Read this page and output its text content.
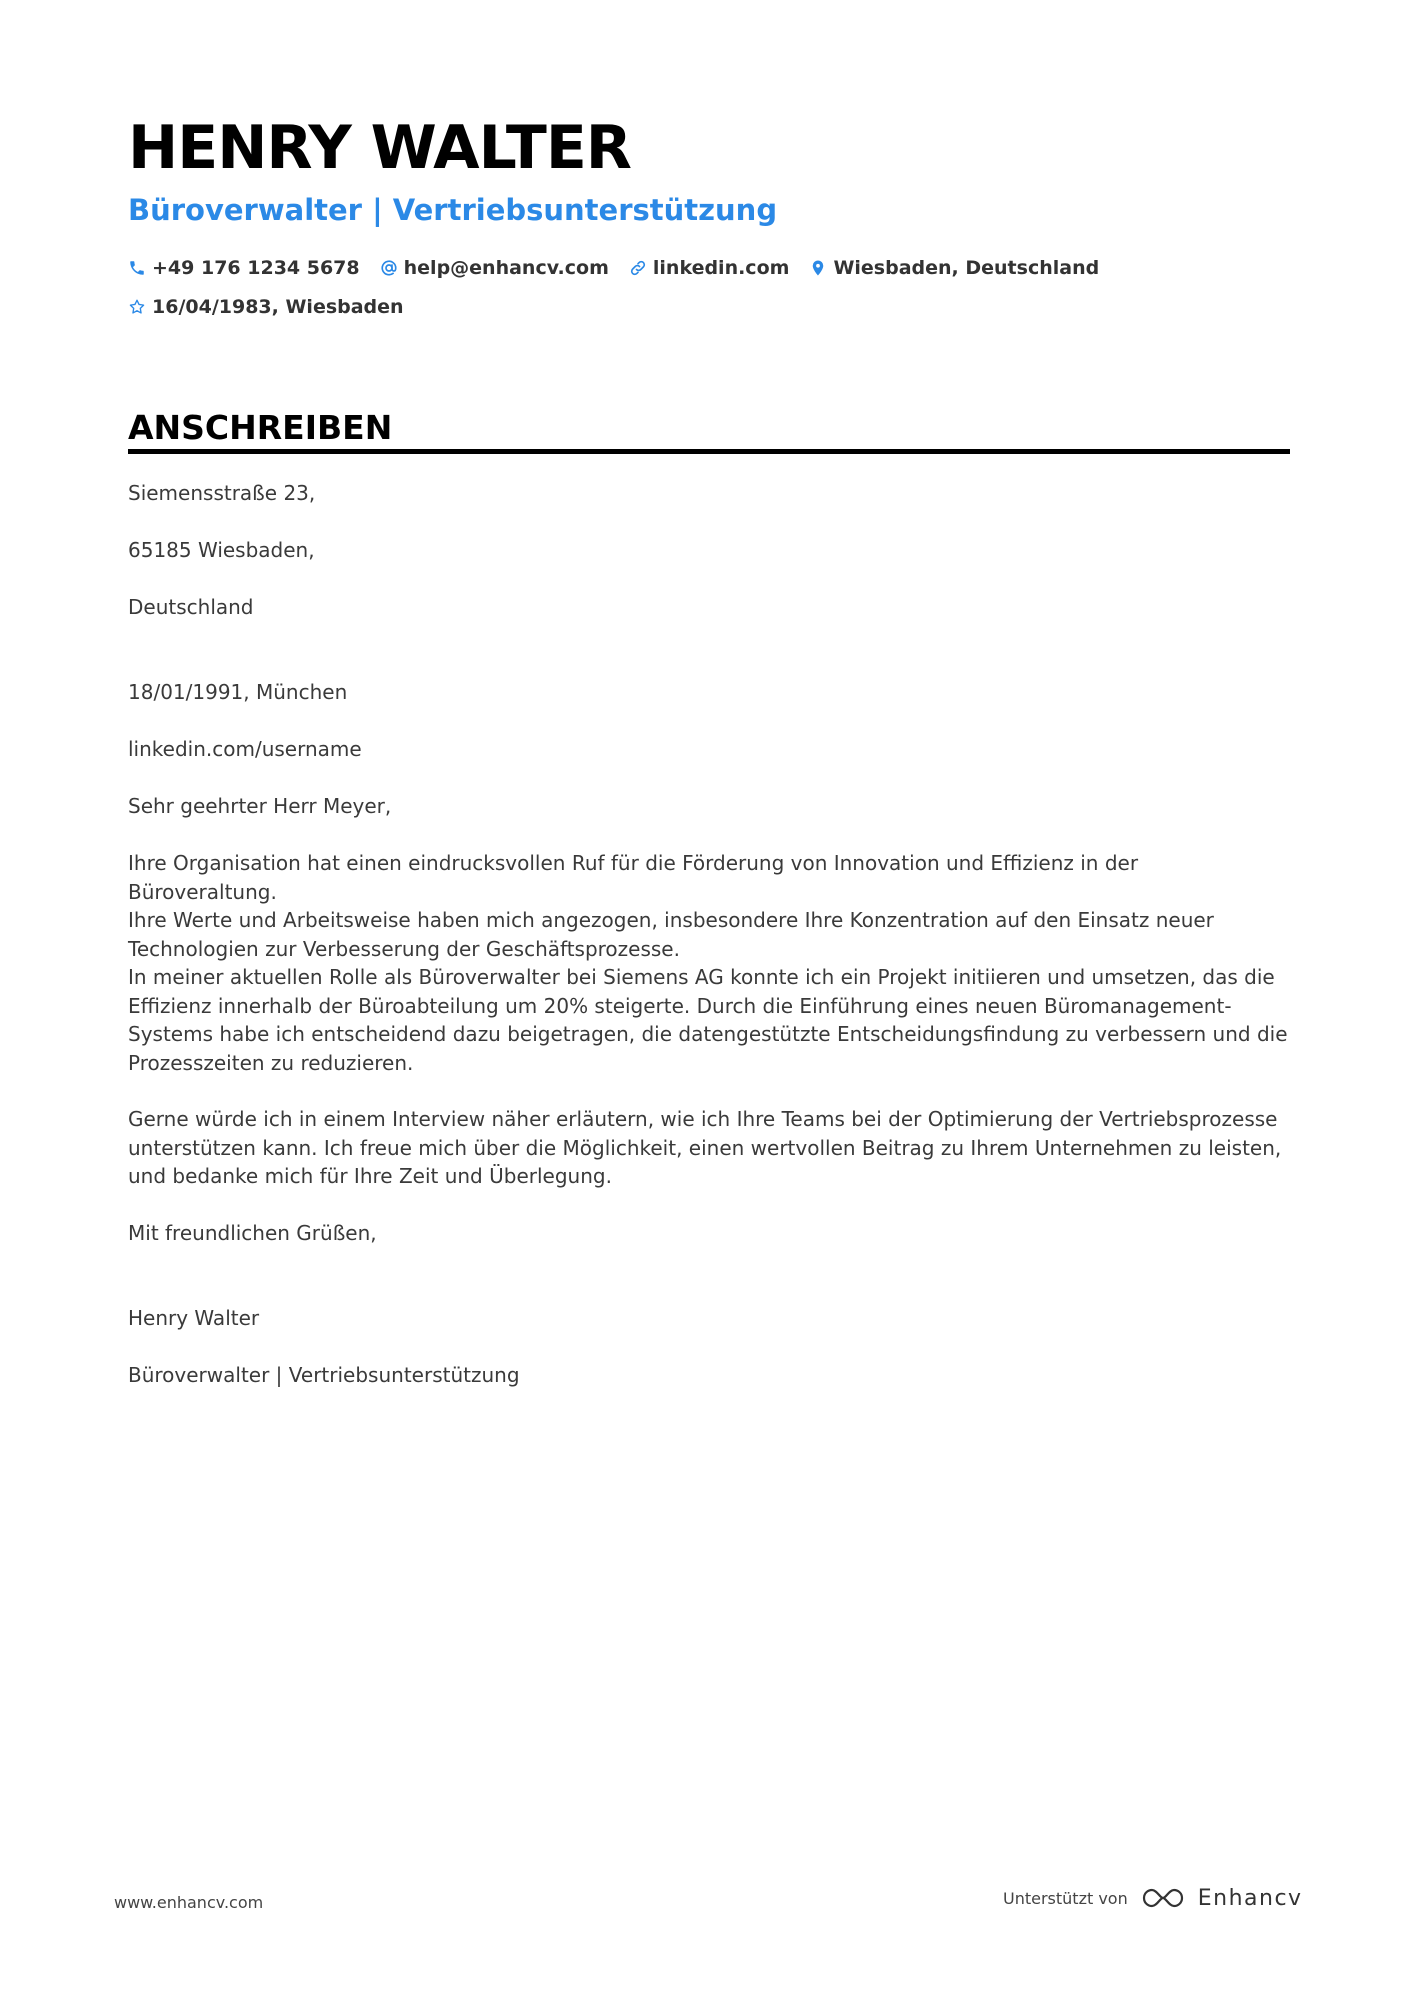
HENRY WALTER
Büroverwalter | Vertriebsunterstützung
+49 176 1234 5678 help@enhancv.com linkedin.com Wiesbaden, Deutschland
16/04/1983, Wiesbaden
ANSCHREIBEN

Siemensstraße 23,

65185 Wiesbaden,

Deutschland

18/01/1991, München

linkedin.com/username

Sehr geehrter Herr Meyer,

Ihre Organisation hat einen eindrucksvollen Ruf für die Förderung von Innovation und Effizienz in der Büroveraltung.
Ihre Werte und Arbeitsweise haben mich angezogen, insbesondere Ihre Konzentration auf den Einsatz neuer
Technologien zur Verbesserung der Geschäftsprozesse.
In meiner aktuellen Rolle als Büroverwalter bei Siemens AG konnte ich ein Projekt initiieren und umsetzen, das die
Effizienz innerhalb der Büroabteilung um 20% steigerte. Durch die Einführung eines neuen Büromanagement-
Systems habe ich entscheidend dazu beigetragen, die datengestützte Entscheidungsfindung zu verbessern und die
Prozesszeiten zu reduzieren.
Gerne würde ich in einem Interview näher erläutern, wie ich Ihre Teams bei der Optimierung der Vertriebsprozesse
unterstützen kann. Ich freue mich über die Möglichkeit, einen wertvollen Beitrag zu Ihrem Unternehmen zu leisten,
und bedanke mich für Ihre Zeit und Überlegung.

Mit freundlichen Grüßen,

Henry Walter

Büroverwalter | Vertriebsunterstützung

www.enhancv.com	Unterstützt von	Enhancv
